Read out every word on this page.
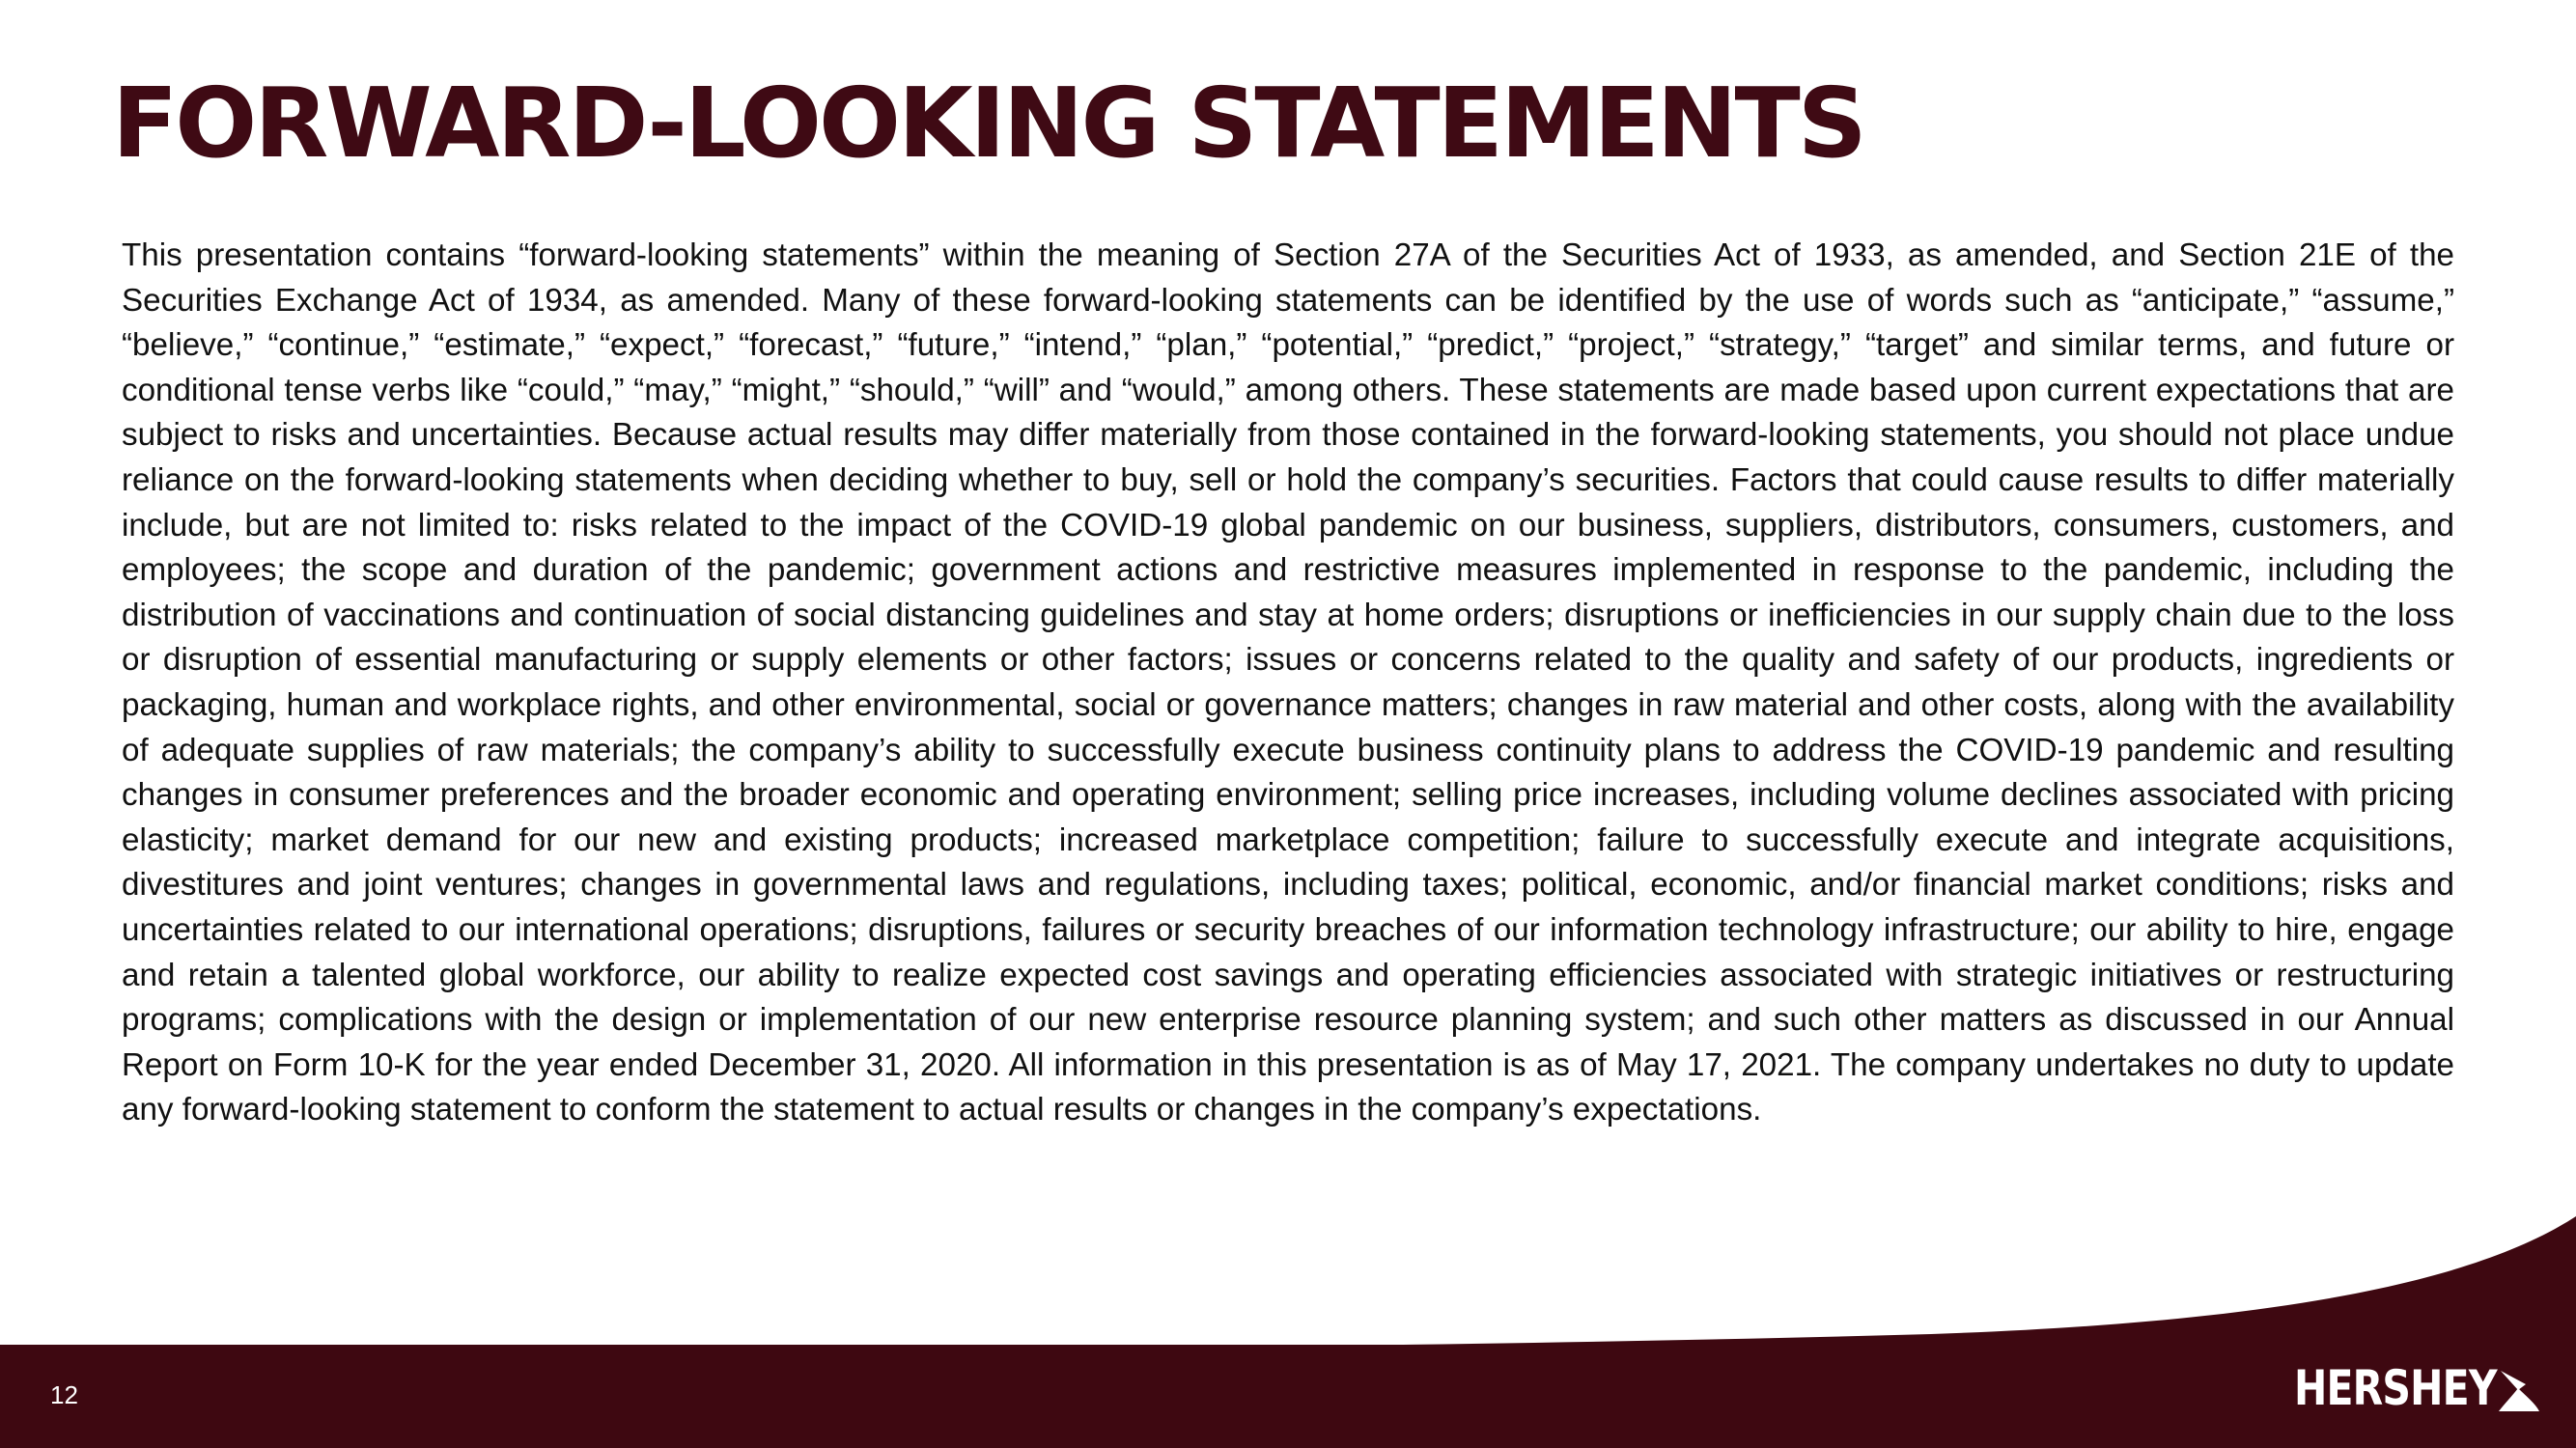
FORWARD-LOOKING STATEMENTS

This presentation contains “forward-looking statements” within the meaning of Section 27A of the Securities Act of 1933, as amended, and Section 21E of the Securities Exchange Act of 1934, as amended. Many of these forward-looking statements can be identified by the use of words such as “anticipate,” “assume,” “believe,” “continue,” “estimate,” “expect,” “forecast,” “future,” “intend,” “plan,” “potential,” “predict,” “project,” “strategy,” “target” and similar terms, and future or conditional tense verbs like “could,” “may,” “might,” “should,” “will” and “would,” among others. These statements are made based upon current expectations that are subject to risks and uncertainties. Because actual results may differ materially from those contained in the forward-looking statements, you should not place undue reliance on the forward-looking statements when deciding whether to buy, sell or hold the company’s securities. Factors that could cause results to differ materially include, but are not limited to: risks related to the impact of the COVID-19 global pandemic on our business, suppliers, distributors, consumers, customers, and employees; the scope and duration of the pandemic; government actions and restrictive measures implemented in response to the pandemic, including the distribution of vaccinations and continuation of social distancing guidelines and stay at home orders; disruptions or inefficiencies in our supply chain due to the loss or disruption of essential manufacturing or supply elements or other factors; issues or concerns related to the quality and safety of our products, ingredients or packaging, human and workplace rights, and other environmental, social or governance matters; changes in raw material and other costs, along with the availability of adequate supplies of raw materials; the company’s ability to successfully execute business continuity plans to address the COVID-19 pandemic and resulting changes in consumer preferences and the broader economic and operating environment; selling price increases, including volume declines associated with pricing elasticity; market demand for our new and existing products; increased marketplace competition; failure to successfully execute and integrate acquisitions, divestitures and joint ventures; changes in governmental laws and regulations, including taxes; political, economic, and/or financial market conditions; risks and uncertainties related to our international operations; disruptions, failures or security breaches of our information technology infrastructure; our ability to hire, engage and retain a talented global workforce, our ability to realize expected cost savings and operating efficiencies associated with strategic initiatives or restructuring programs; complications with the design or implementation of our new enterprise resource planning system; and such other matters as discussed in our Annual Report on Form 10-K for the year ended December 31, 2020. All information in this presentation is as of May 17, 2021. The company undertakes no duty to update any forward-looking statement to conform the statement to actual results or changes in the company’s expectations.

12	HERSHEY
